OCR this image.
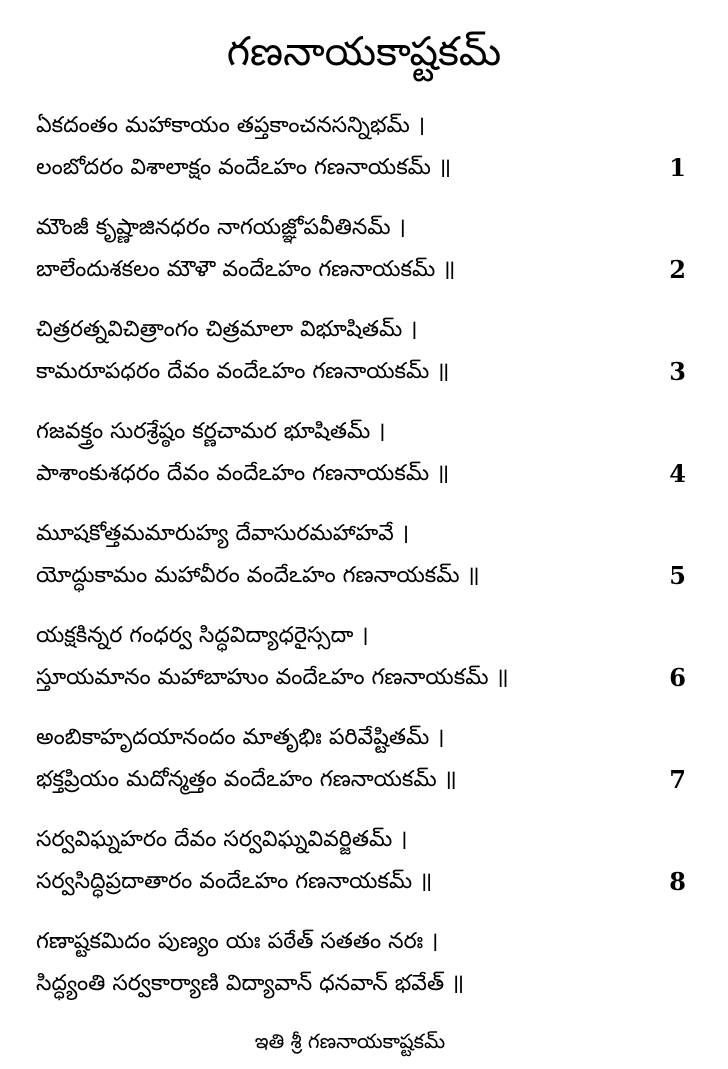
గణనాయకాష్టకమ్
ఏకదంతం మహాకాయం తప్తకాంచనసన్నిభమ్ ।
లంబోదరం విశాలాక్షం వందేఽహం గణనాయకమ్ ॥	1
మౌంజీ కృష్ణాజినధరం నాగయజ్ఞోపవీతినమ్ ।
బాలేందుశకలం మౌళౌ వందేఽహం గణనాయకమ్ ॥	2
చిత్రరత్నవిచిత్రాంగం చిత్రమాలా విభూషితమ్ ।
కామరూపధరం దేవం వందేఽహం గణనాయకమ్ ॥	3
గజవక్త్రం సురశ్రేష్ఠం కర్ణచామర భూషితమ్ ।
పాశాంకుశధరం దేవం వందేఽహం గణనాయకమ్ ॥	4
మూషకోత్తమమారుహ్య దేవాసురమహాహవే ।
యోద్ధుకామం మహావీరం వందేఽహం గణనాయకమ్ ॥	5
యక్షకిన్నర గంధర్వ సిద్ధవిద్యాధరైస్సదా ।
స్తూయమానం మహాబాహుం వందేఽహం గణనాయకమ్ ॥	6
అంబికాహృదయానందం మాతృభిః పరివేష్టితమ్ ।
భక్తప్రియం మదోన్మత్తం వందేఽహం గణనాయకమ్ ॥	7
సర్వవిఘ్నహరం దేవం సర్వవిఘ్నవివర్జితమ్ ।
సర్వసిద్ధిప్రదాతారం వందేఽహం గణనాయకమ్ ॥	8
గణాష్టకమిదం పుణ్యం యః పఠేత్ సతతం నరః ।
సిద్ధ్యంతి సర్వకార్యాణి విద్యావాన్ ధనవాన్ భవేత్ ॥
ఇతి శ్రీ గణనాయకాష్టకమ్
